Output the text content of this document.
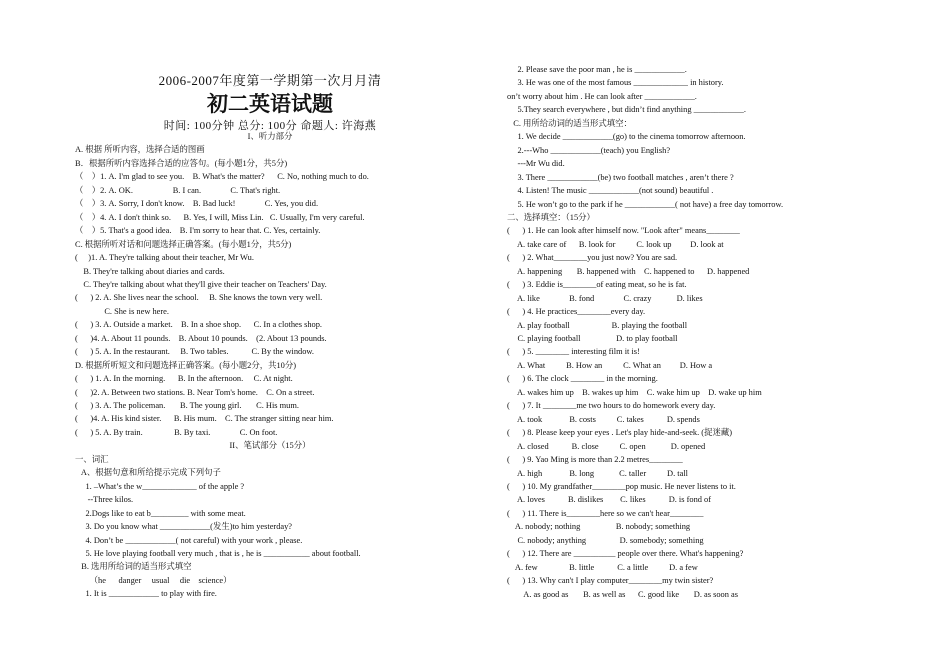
2006-2007年度第一学期第一次月月清
初二英语试题
时间: 100分钟 总分: 100分 命题人: 许海燕
I、听力部分
A. 根据 所听内容，选择合适的图画
B．根据所听内容选择合适的应答句。(每小题1分，共5分)
（    ）1. A. I'm glad to see you.    B. What's the matter?      C. No, nothing much to do.
（    ）2. A. OK.                   B. I can.              C. That's right.
（    ）3. A. Sorry, I don't know.    B. Bad luck!              C. Yes, you did.
（    ）4. A. I don't think so.      B. Yes, I will, Miss Lin.   C. Usually, I'm very careful.
（    ）5. That's a good idea.    B. I'm sorry to hear that. C. Yes, certainly.
C. 根据所听对话和问题选择正确答案。(每小题1分，共5分)
(     )1. A. They're talking about their teacher, Mr Wu.
B. They're talking about diaries and cards.
C. They're talking about what they'll give their teacher on Teachers' Day.
(      ) 2. A. She lives near the school.     B. She knows the town very well.
C. She is new here.
(      ) 3. A. Outside a market.    B. In a shoe shop.      C. In a clothes shop.
(      )4. A. About 11 pounds.    B. About 10 pounds.    (2. About 13 pounds.
(      ) 5. A. In the restaurant.     B. Two tables.           C. By the window.
D. 根据所听短文和问题选择正确答案。(每小题2分，共10分)
(      ) 1. A. In the morning.      B. In the afternoon.     C. At night.
(      )2. A. Between two stations. B. Near Tom's home.    C. On a street.
(      ) 3. A. The policeman.       B. The young girl.       C. His mum.
(      )4. A. His kind sister.      B. His mum.    C. The stranger sitting near him.
(      ) 5. A. By train.               B. By taxi.              C. On foot.
II、笔试部分（15分）
一、词汇
A、根据句意和所给提示完成下列句子
1. –What’s the w_____________ of the apple ?
--Three kilos.
2.Dogs like to eat b_________ with some meat.
3. Do you know what ____________(发生)to him yesterday?
4. Don’t be ____________( not careful) with your work , please.
5. He love playing football very much , that is , he is ___________ about football.
B. 选用所给词的适当形式填空
（he      danger     usual     die    science）
1. It is ____________ to play with fire.
2. Please save the poor man , he is ____________.
3. He was one of the most famous _____________ in history.
on’t worry about him . He can look after ____________.
5.They search everywhere , but didn’t find anything ____________.
C. 用所给动词的适当形式填空：
1. We decide ____________(go) to the cinema tomorrow afternoon.
2.---Who ____________(teach) you English?
---Mr Wu did.
3. There ____________(be) two football matches , aren’t there ?
4. Listen! The music ____________(not sound) beautiful .
5. He won’t go to the park if he ____________( not have) a free day tomorrow.
二、选择填空：（15分）
(      ) 1. He can look after himself now. "Look after" means________
A. take care of      B. look for          C. look up         D. look at
(      ) 2. What________you just now? You are sad.
A. happening       B. happened with    C. happened to      D. happened
(      ) 3. Eddie is________of eating meat, so he is fat.
A. like              B. fond              C. crazy            D. likes
(      ) 4. He practices________every day.
A. play football                    B. playing the football
C. playing football                 D. to play football
(      ) 5. ________ interesting film it is!
A. What          B. How an          C. What an         D. How a
(      ) 6. The clock ________ in the morning.
A. wakes him up    B. wakes up him    C. wake him up    D. wake up him
(      ) 7. It ________me two hours to do homework every day.
A. took             B. costs          C. takes           D. spends
(      ) 8. Please keep your eyes . Let's play hide-and-seek. (捉迷藏)
A. closed           B. close          C. open            D. opened
(      ) 9. Yao Ming is more than 2.2 metres________
A. high             B. long            C. taller          D. tall
(      ) 10. My grandfather________pop music. He never listens to it.
A. loves           B. dislikes        C. likes           D. is fond of
(      ) 11. There is________here so we can't hear________
A. nobody; nothing                 B. nobody; something
C. nobody; anything                D. somebody; something
(      ) 12. There are __________ people over there. What's happening?
A. few               B. little           C. a little          D. a few
(      ) 13. Why can't I play computer________my twin sister?
A. as good as       B. as well as      C. good like       D. as soon as
